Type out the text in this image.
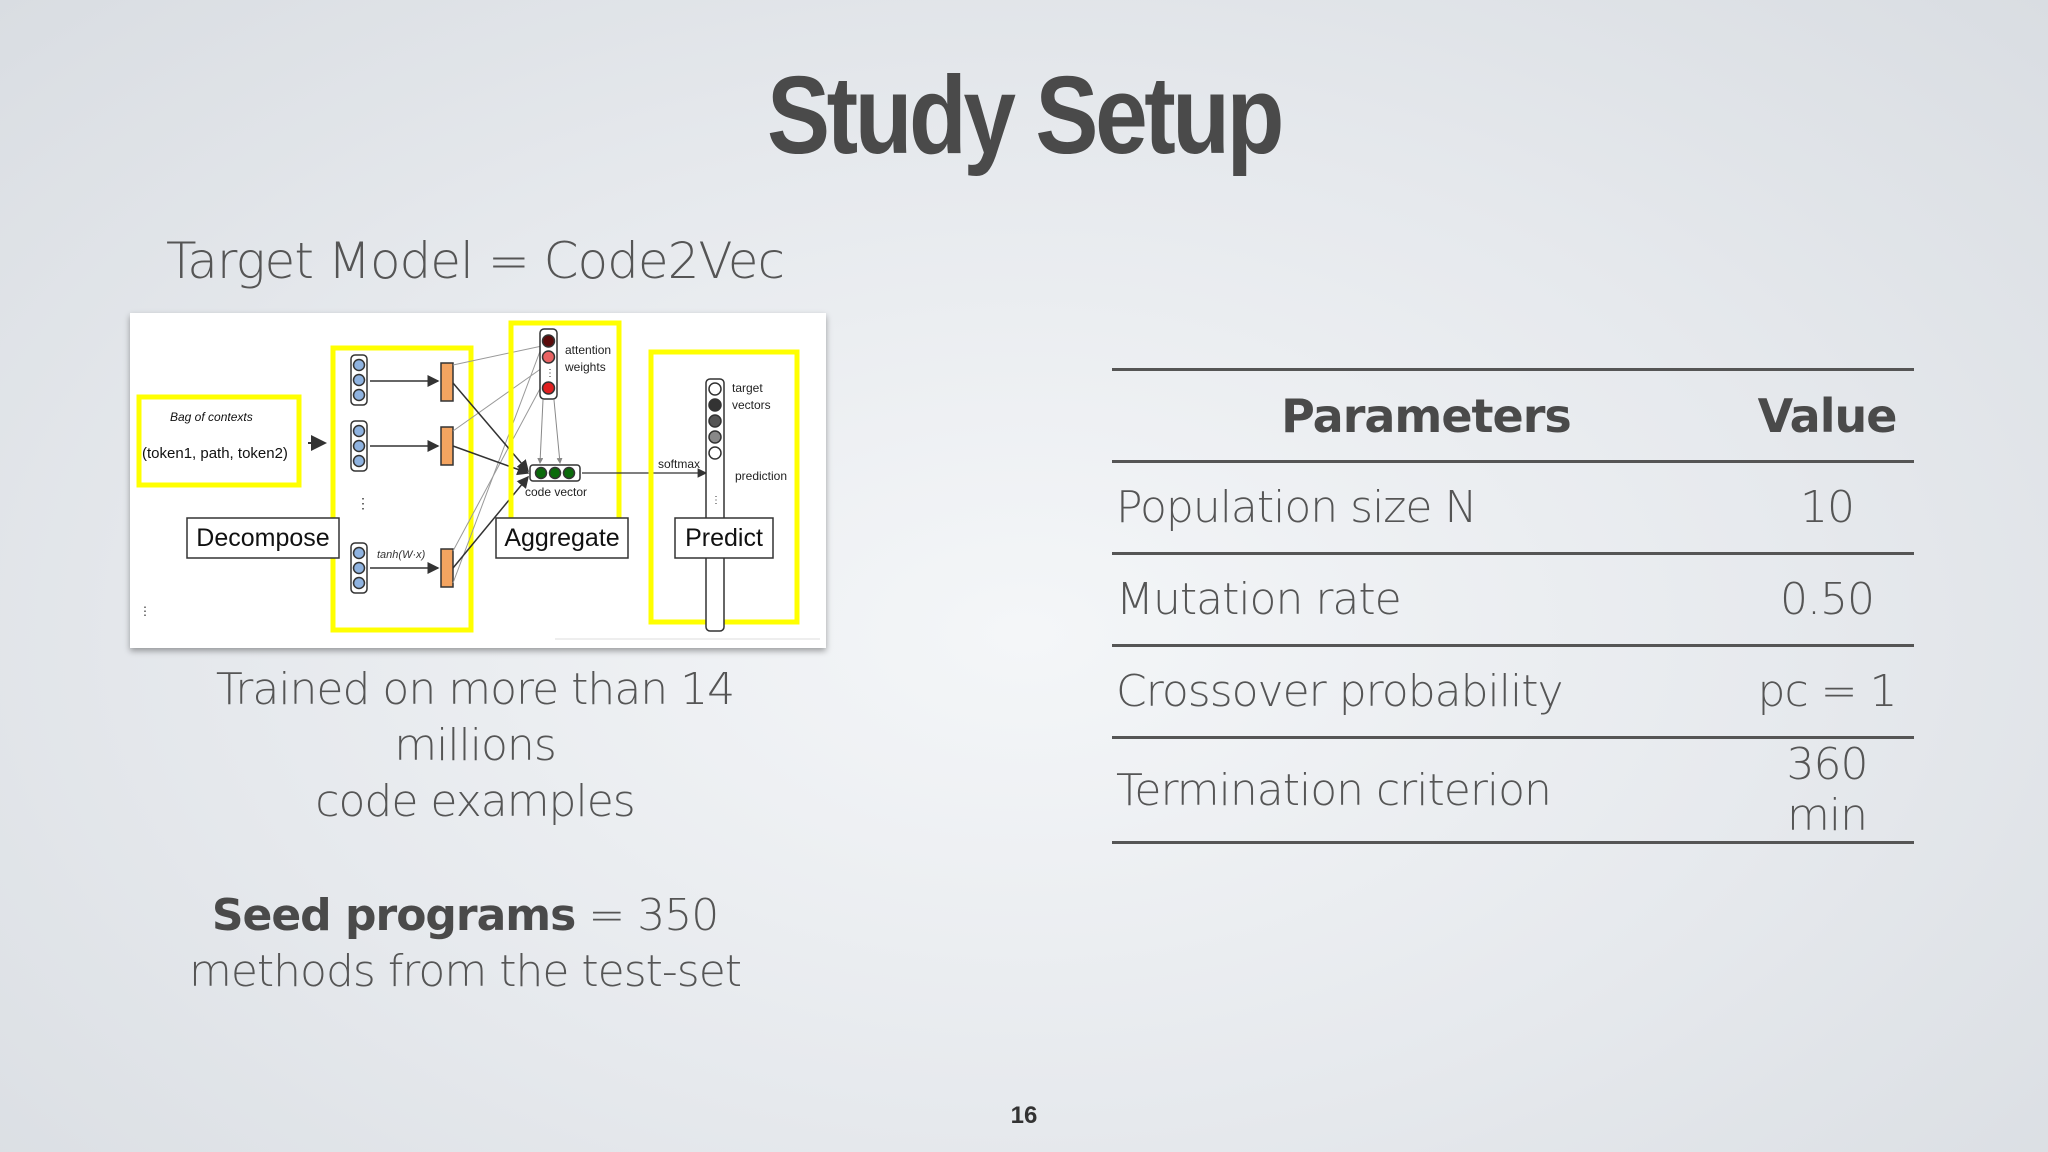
Study Setup
Target Model = Code2Vec
Bag of contexts
(token1, path, token2)
⋮
tanh(W·x)
⋮
attention
weights
code vector
softmax
⋮
target
vectors
prediction
Decompose	Aggregate	Predict
⋮
Trained on more than 14 millions
code examples
Seed programs = 350
methods from the test-set
Parameters	Value
Population size N	10
Mutation rate	0.50
Crossover probability	pc = 1
Termination criterion	360 min
16
